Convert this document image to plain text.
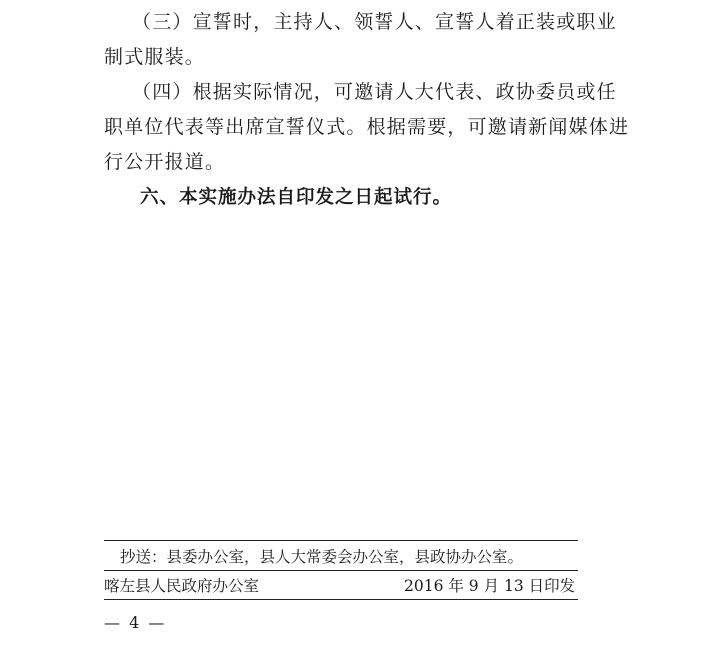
（三）宣誓时，主持人、领誓人、宣誓人着正装或职业
制式服装。
（四）根据实际情况，可邀请人大代表、政协委员或任
职单位代表等出席宣誓仪式。根据需要，可邀请新闻媒体进
行公开报道。
六、本实施办法自印发之日起试行。
抄送：县委办公室，县人大常委会办公室，县政协办公室。
喀左县人民政府办公室	2016 年 9 月 13 日印发
— 4 —
